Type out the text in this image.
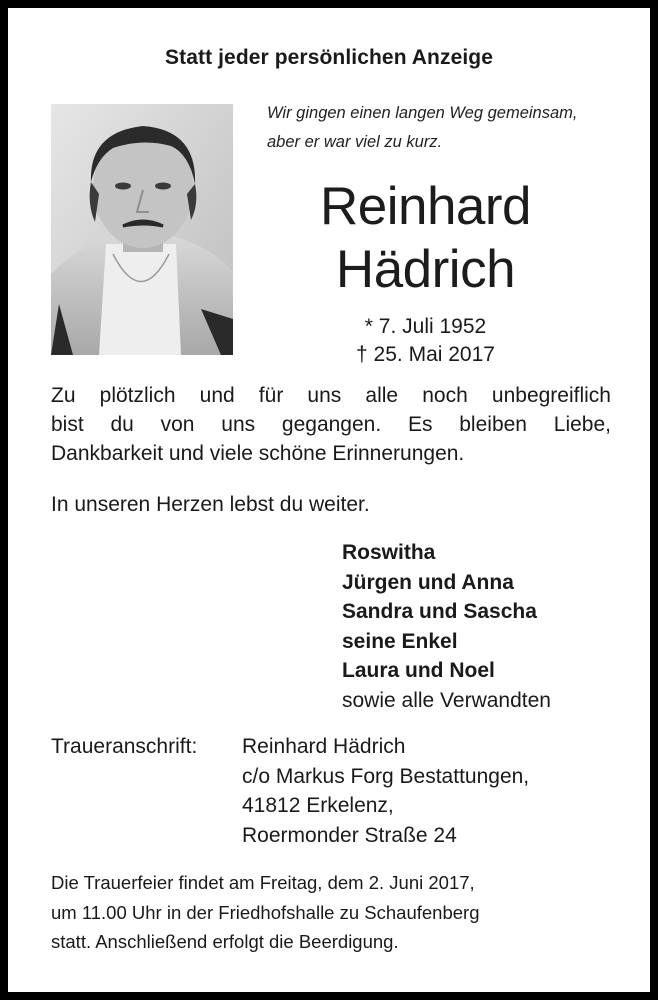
Statt jeder persönlichen Anzeige
Wir gingen einen langen Weg gemeinsam,
aber er war viel zu kurz.
Reinhard
Hädrich
* 7. Juli 1952
† 25. Mai 2017
Zu plötzlich und für uns alle noch unbegreiflich
bist du von uns gegangen. Es bleiben Liebe,
Dankbarkeit und viele schöne Erinnerungen.
In unseren Herzen lebst du weiter.
Roswitha
Jürgen und Anna
Sandra und Sascha
seine Enkel
Laura und Noel
sowie alle Verwandten
Traueranschrift: Reinhard Hädrich
c/o Markus Forg Bestattungen,
41812 Erkelenz,
Roermonder Straße 24
Die Trauerfeier findet am Freitag, dem 2. Juni 2017,
um 11.00 Uhr in der Friedhofshalle zu Schaufenberg
statt. Anschließend erfolgt die Beerdigung.
